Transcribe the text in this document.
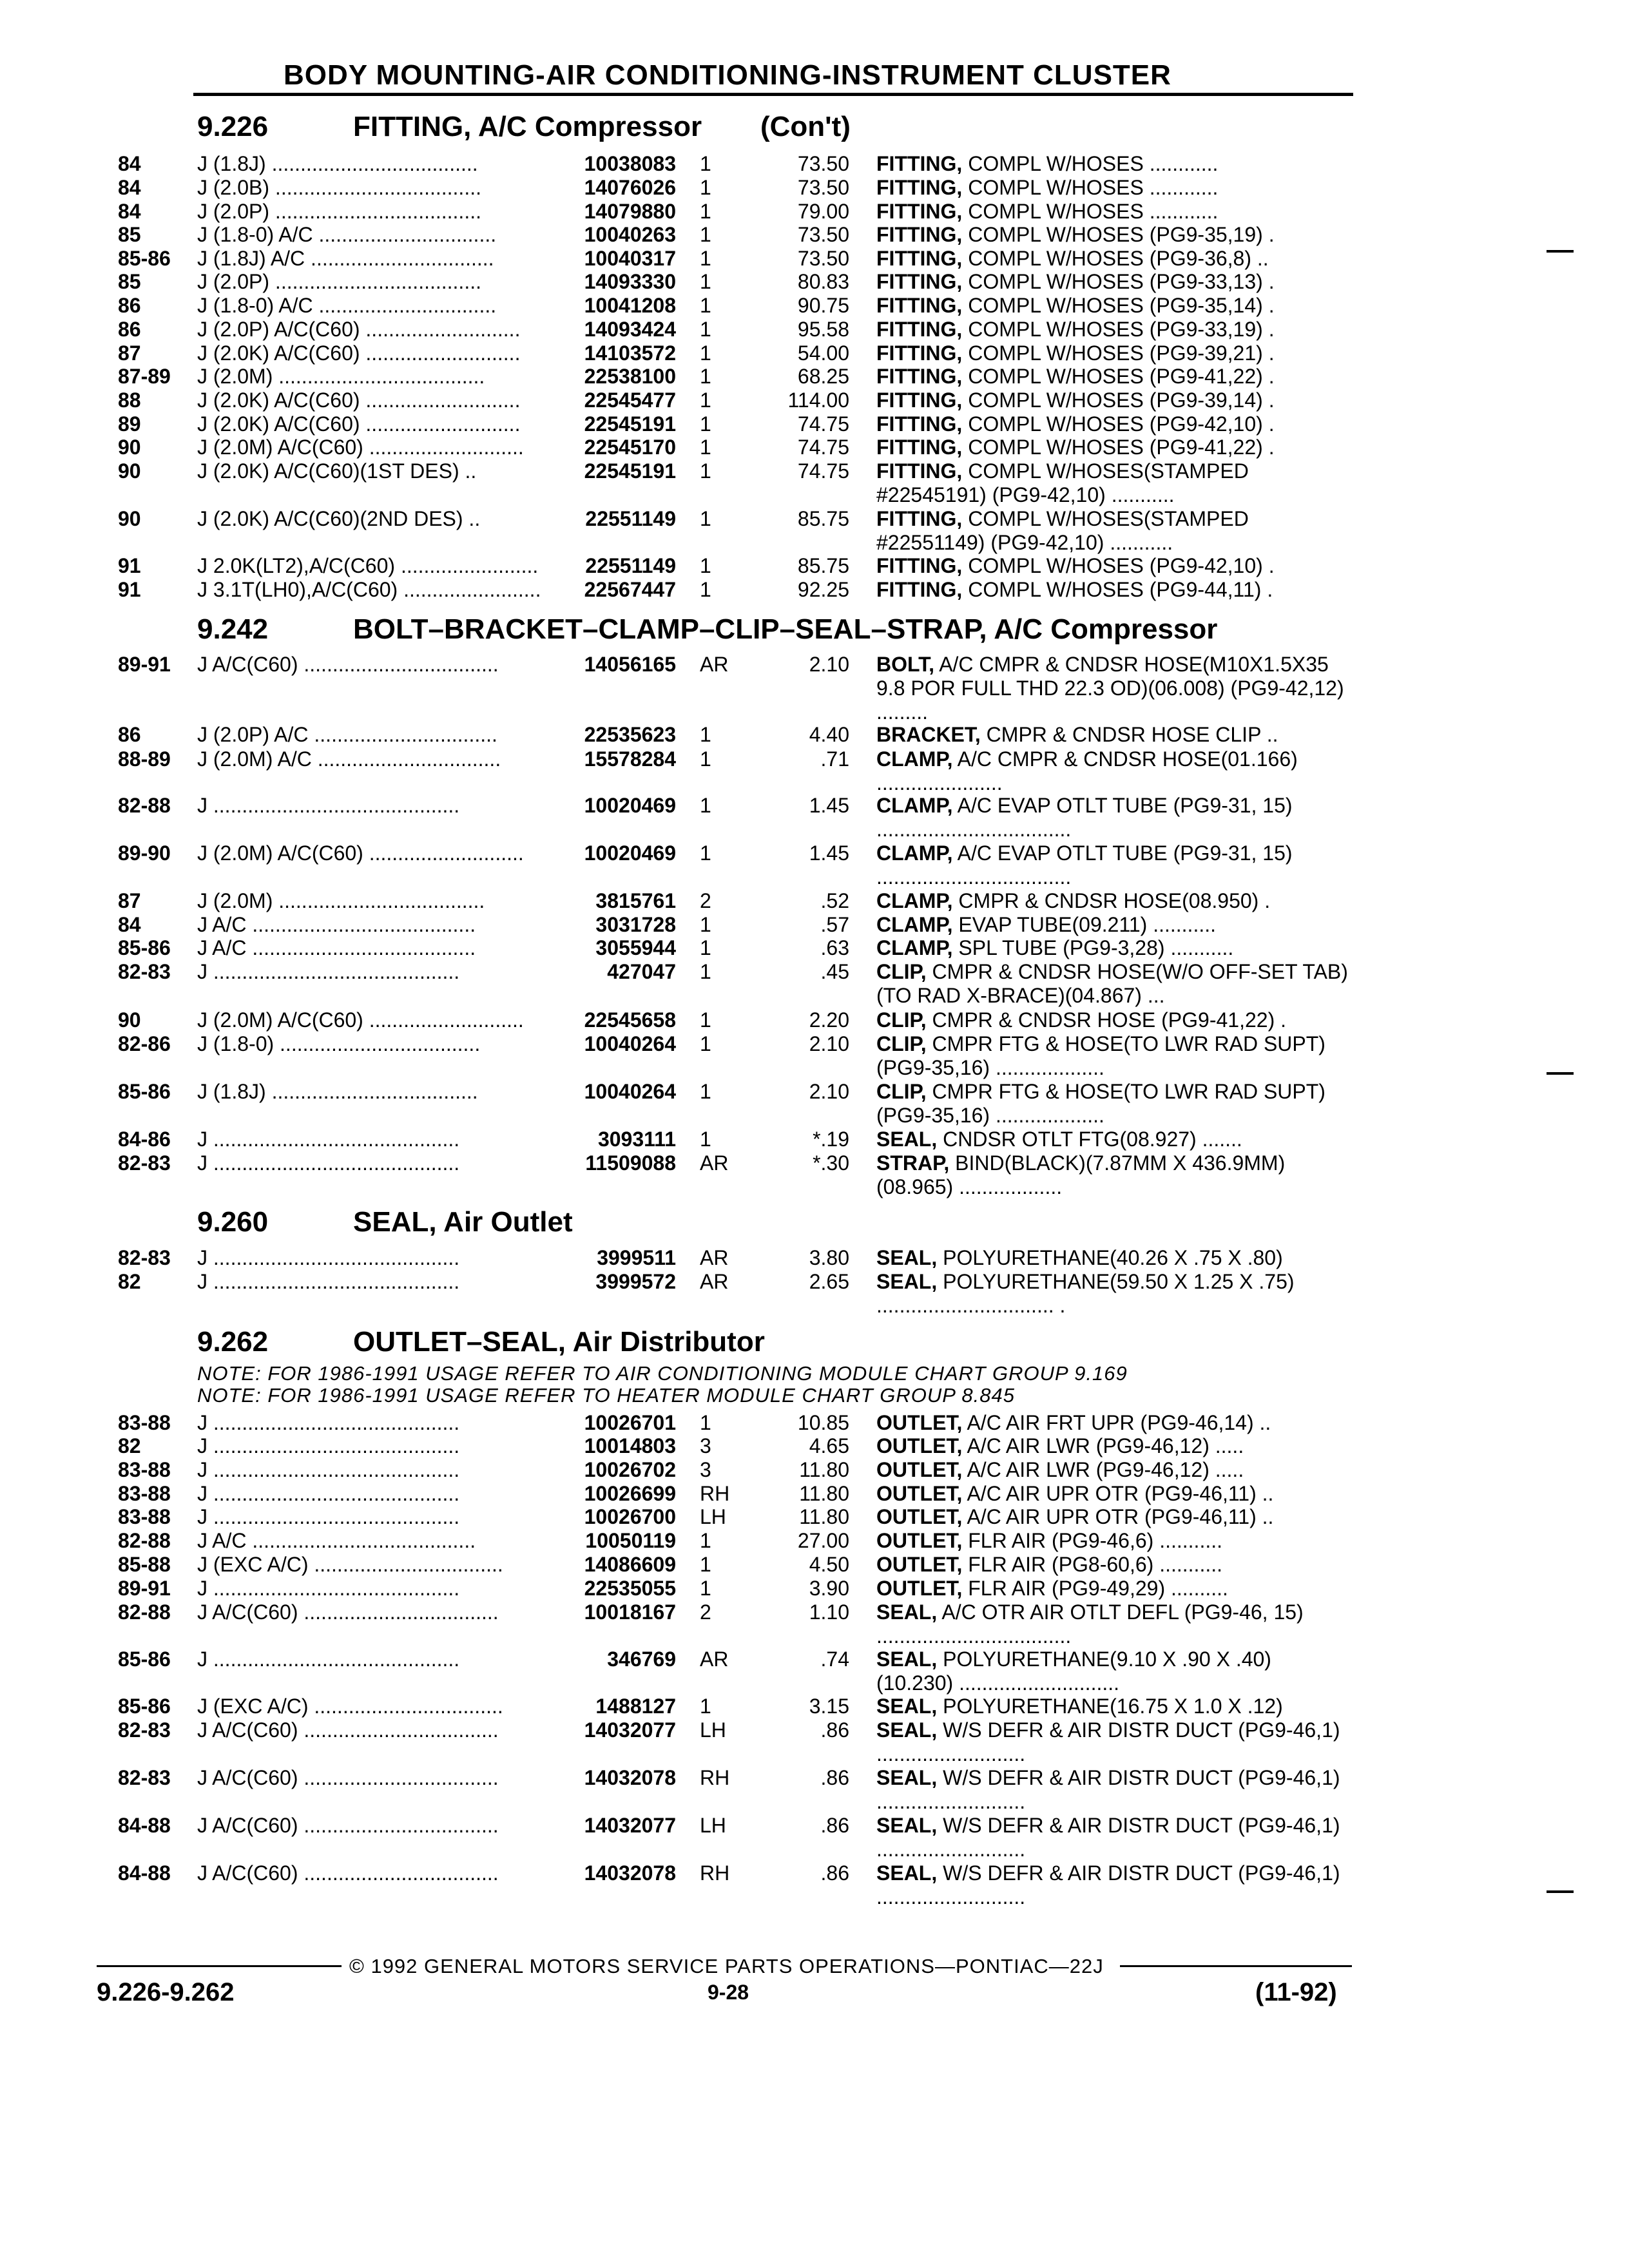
BODY MOUNTING-AIR CONDITIONING-INSTRUMENT CLUSTER
9.226	FITTING, A/C Compressor (Con't)
84	J (1.8J) ....................................	10038083 1	73.50 FITTING, COMPL W/HOSES ............
84	J (2.0B) ....................................	14076026 1	73.50 FITTING, COMPL W/HOSES ............
84	J (2.0P) ....................................	14079880 1	79.00 FITTING, COMPL W/HOSES ............
85	J (1.8-0) A/C ...............................	10040263 1	73.50 FITTING, COMPL W/HOSES (PG9-35,19) .
85-86 J (1.8J) A/C ................................	10040317 1	73.50 FITTING, COMPL W/HOSES (PG9-36,8) ..
85	J (2.0P) ....................................	14093330 1	80.83 FITTING, COMPL W/HOSES (PG9-33,13) .
86	J (1.8-0) A/C ...............................	10041208 1	90.75 FITTING, COMPL W/HOSES (PG9-35,14) .
86	J (2.0P) A/C(C60) ...........................	14093424 1	95.58 FITTING, COMPL W/HOSES (PG9-33,19) .
87	J (2.0K) A/C(C60) ...........................	14103572 1	54.00 FITTING, COMPL W/HOSES (PG9-39,21) .
87-89 J (2.0M) ....................................	22538100 1	68.25 FITTING, COMPL W/HOSES (PG9-41,22) .
88	J (2.0K) A/C(C60) ...........................	22545477 1	114.00 FITTING, COMPL W/HOSES (PG9-39,14) .
89	J (2.0K) A/C(C60) ...........................	22545191 1	74.75 FITTING, COMPL W/HOSES (PG9-42,10) .
90	J (2.0M) A/C(C60) ...........................	22545170 1	74.75 FITTING, COMPL W/HOSES (PG9-41,22) .
90	J (2.0K) A/C(C60)(1ST DES) ..	22545191 1	74.75 FITTING, COMPL W/HOSES(STAMPED #22545191) (PG9-42,10) ...........
90	J (2.0K) A/C(C60)(2ND DES) ..	22551149 1	85.75 FITTING, COMPL W/HOSES(STAMPED #22551149) (PG9-42,10) ...........
91	J 2.0K(LT2),A/C(C60) ........................	22551149 1	85.75 FITTING, COMPL W/HOSES (PG9-42,10) .
91	J 3.1T(LH0),A/C(C60) ........................	22567447 1	92.25 FITTING, COMPL W/HOSES (PG9-44,11) .
9.242	BOLT–BRACKET–CLAMP–CLIP–SEAL–STRAP, A/C Compressor
89-91 J A/C(C60) ..................................	14056165 AR	2.10 BOLT, A/C CMPR & CNDSR HOSE(M10X1.5X35 9.8 POR FULL THD 22.3 OD)(06.008) (PG9-42,12) .........
86	J (2.0P) A/C ................................	22535623 1	4.40 BRACKET, CMPR & CNDSR HOSE CLIP ..
88-89 J (2.0M) A/C ................................	15578284 1	.71 CLAMP, A/C CMPR & CNDSR HOSE(01.166) ......................
82-88 J ...........................................	10020469 1	1.45 CLAMP, A/C EVAP OTLT TUBE (PG9-31, 15) ..................................
89-90 J (2.0M) A/C(C60) ...........................	10020469 1	1.45 CLAMP, A/C EVAP OTLT TUBE (PG9-31, 15) ..................................
87	J (2.0M) ....................................	3815761 2	.52 CLAMP, CMPR & CNDSR HOSE(08.950) .
84	J A/C .......................................	3031728 1	.57 CLAMP, EVAP TUBE(09.211) ...........
85-86 J A/C .......................................	3055944 1	.63 CLAMP, SPL TUBE (PG9-3,28) ...........
82-83 J ...........................................	427047 1	.45 CLIP, CMPR & CNDSR HOSE(W/O OFF-SET TAB)(TO RAD X-BRACE)(04.867) ...
90	J (2.0M) A/C(C60) ...........................	22545658 1	2.20 CLIP, CMPR & CNDSR HOSE (PG9-41,22) .
82-86 J (1.8-0) ...................................	10040264 1	2.10 CLIP, CMPR FTG & HOSE(TO LWR RAD SUPT) (PG9-35,16) ...................
85-86 J (1.8J) ....................................	10040264 1	2.10 CLIP, CMPR FTG & HOSE(TO LWR RAD SUPT) (PG9-35,16) ...................
84-86 J ...........................................	3093111 1	*.19 SEAL, CNDSR OTLT FTG(08.927) .......
82-83 J ...........................................	11509088 AR	*.30 STRAP, BIND(BLACK)(7.87MM X 436.9MM)(08.965) ..................
9.260	SEAL, Air Outlet
82-83 J ...........................................	3999511 AR	3.80 SEAL, POLYURETHANE(40.26 X .75 X .80)
82	J ...........................................	3999572 AR	2.65 SEAL, POLYURETHANE(59.50 X 1.25 X .75) ............................... .
9.262	OUTLET–SEAL, Air Distributor
NOTE: FOR 1986-1991 USAGE REFER TO AIR CONDITIONING MODULE CHART GROUP 9.169
NOTE: FOR 1986-1991 USAGE REFER TO HEATER MODULE CHART GROUP 8.845
83-88 J ...........................................	10026701 1	10.85 OUTLET, A/C AIR FRT UPR (PG9-46,14) ..
82	J ...........................................	10014803 3	4.65 OUTLET, A/C AIR LWR (PG9-46,12) .....
83-88 J ...........................................	10026702 3	11.80 OUTLET, A/C AIR LWR (PG9-46,12) .....
83-88 J ...........................................	10026699 RH	11.80 OUTLET, A/C AIR UPR OTR (PG9-46,11) ..
83-88 J ...........................................	10026700 LH	11.80 OUTLET, A/C AIR UPR OTR (PG9-46,11) ..
82-88 J A/C .......................................	10050119 1	27.00 OUTLET, FLR AIR (PG9-46,6) ...........
85-88 J (EXC A/C) .................................	14086609 1	4.50 OUTLET, FLR AIR (PG8-60,6) ...........
89-91 J ...........................................	22535055 1	3.90 OUTLET, FLR AIR (PG9-49,29) ..........
82-88 J A/C(C60) ..................................	10018167 2	1.10 SEAL, A/C OTR AIR OTLT DEFL (PG9-46, 15) ..................................
85-86 J ...........................................	346769 AR	.74 SEAL, POLYURETHANE(9.10 X .90 X .40) (10.230) ............................
85-86 J (EXC A/C) .................................	1488127 1	3.15 SEAL, POLYURETHANE(16.75 X 1.0 X .12)
82-83 J A/C(C60) ..................................	14032077 LH	.86 SEAL, W/S DEFR & AIR DISTR DUCT (PG9-46,1) ..........................
82-83 J A/C(C60) ..................................	14032078 RH	.86 SEAL, W/S DEFR & AIR DISTR DUCT (PG9-46,1) ..........................
84-88 J A/C(C60) ..................................	14032077 LH	.86 SEAL, W/S DEFR & AIR DISTR DUCT (PG9-46,1) ..........................
84-88 J A/C(C60) ..................................	14032078 RH	.86 SEAL, W/S DEFR & AIR DISTR DUCT (PG9-46,1) ..........................
© 1992 GENERAL MOTORS SERVICE PARTS OPERATIONS—PONTIAC—22J
9.226-9.262	9-28	(11-92)
